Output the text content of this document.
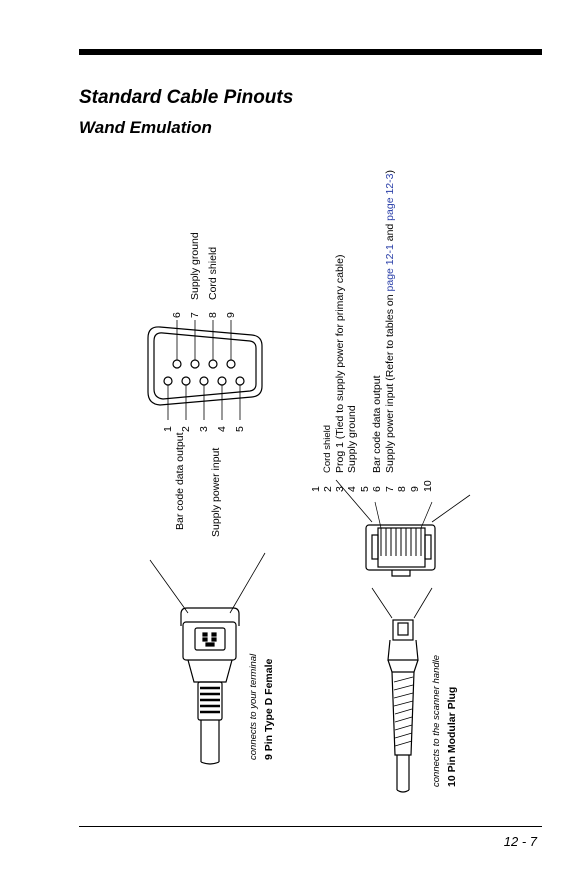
Standard Cable Pinouts
Wand Emulation
6 7 8 9
Supply ground Cord shield
1 2 3 4 5
Bar code data output Supply power input
connects to your terminal 9 Pin Type D Female
1 2 3 4 5 6 7 8 9 10
Cord shield Prog 1 (Tied to supply power for primary cable) Supply ground Bar code data output Supply power input (Refer to tables on page 12-1 and page 12-3)
connects to the scanner handle 10 Pin Modular Plug
12 - 7
